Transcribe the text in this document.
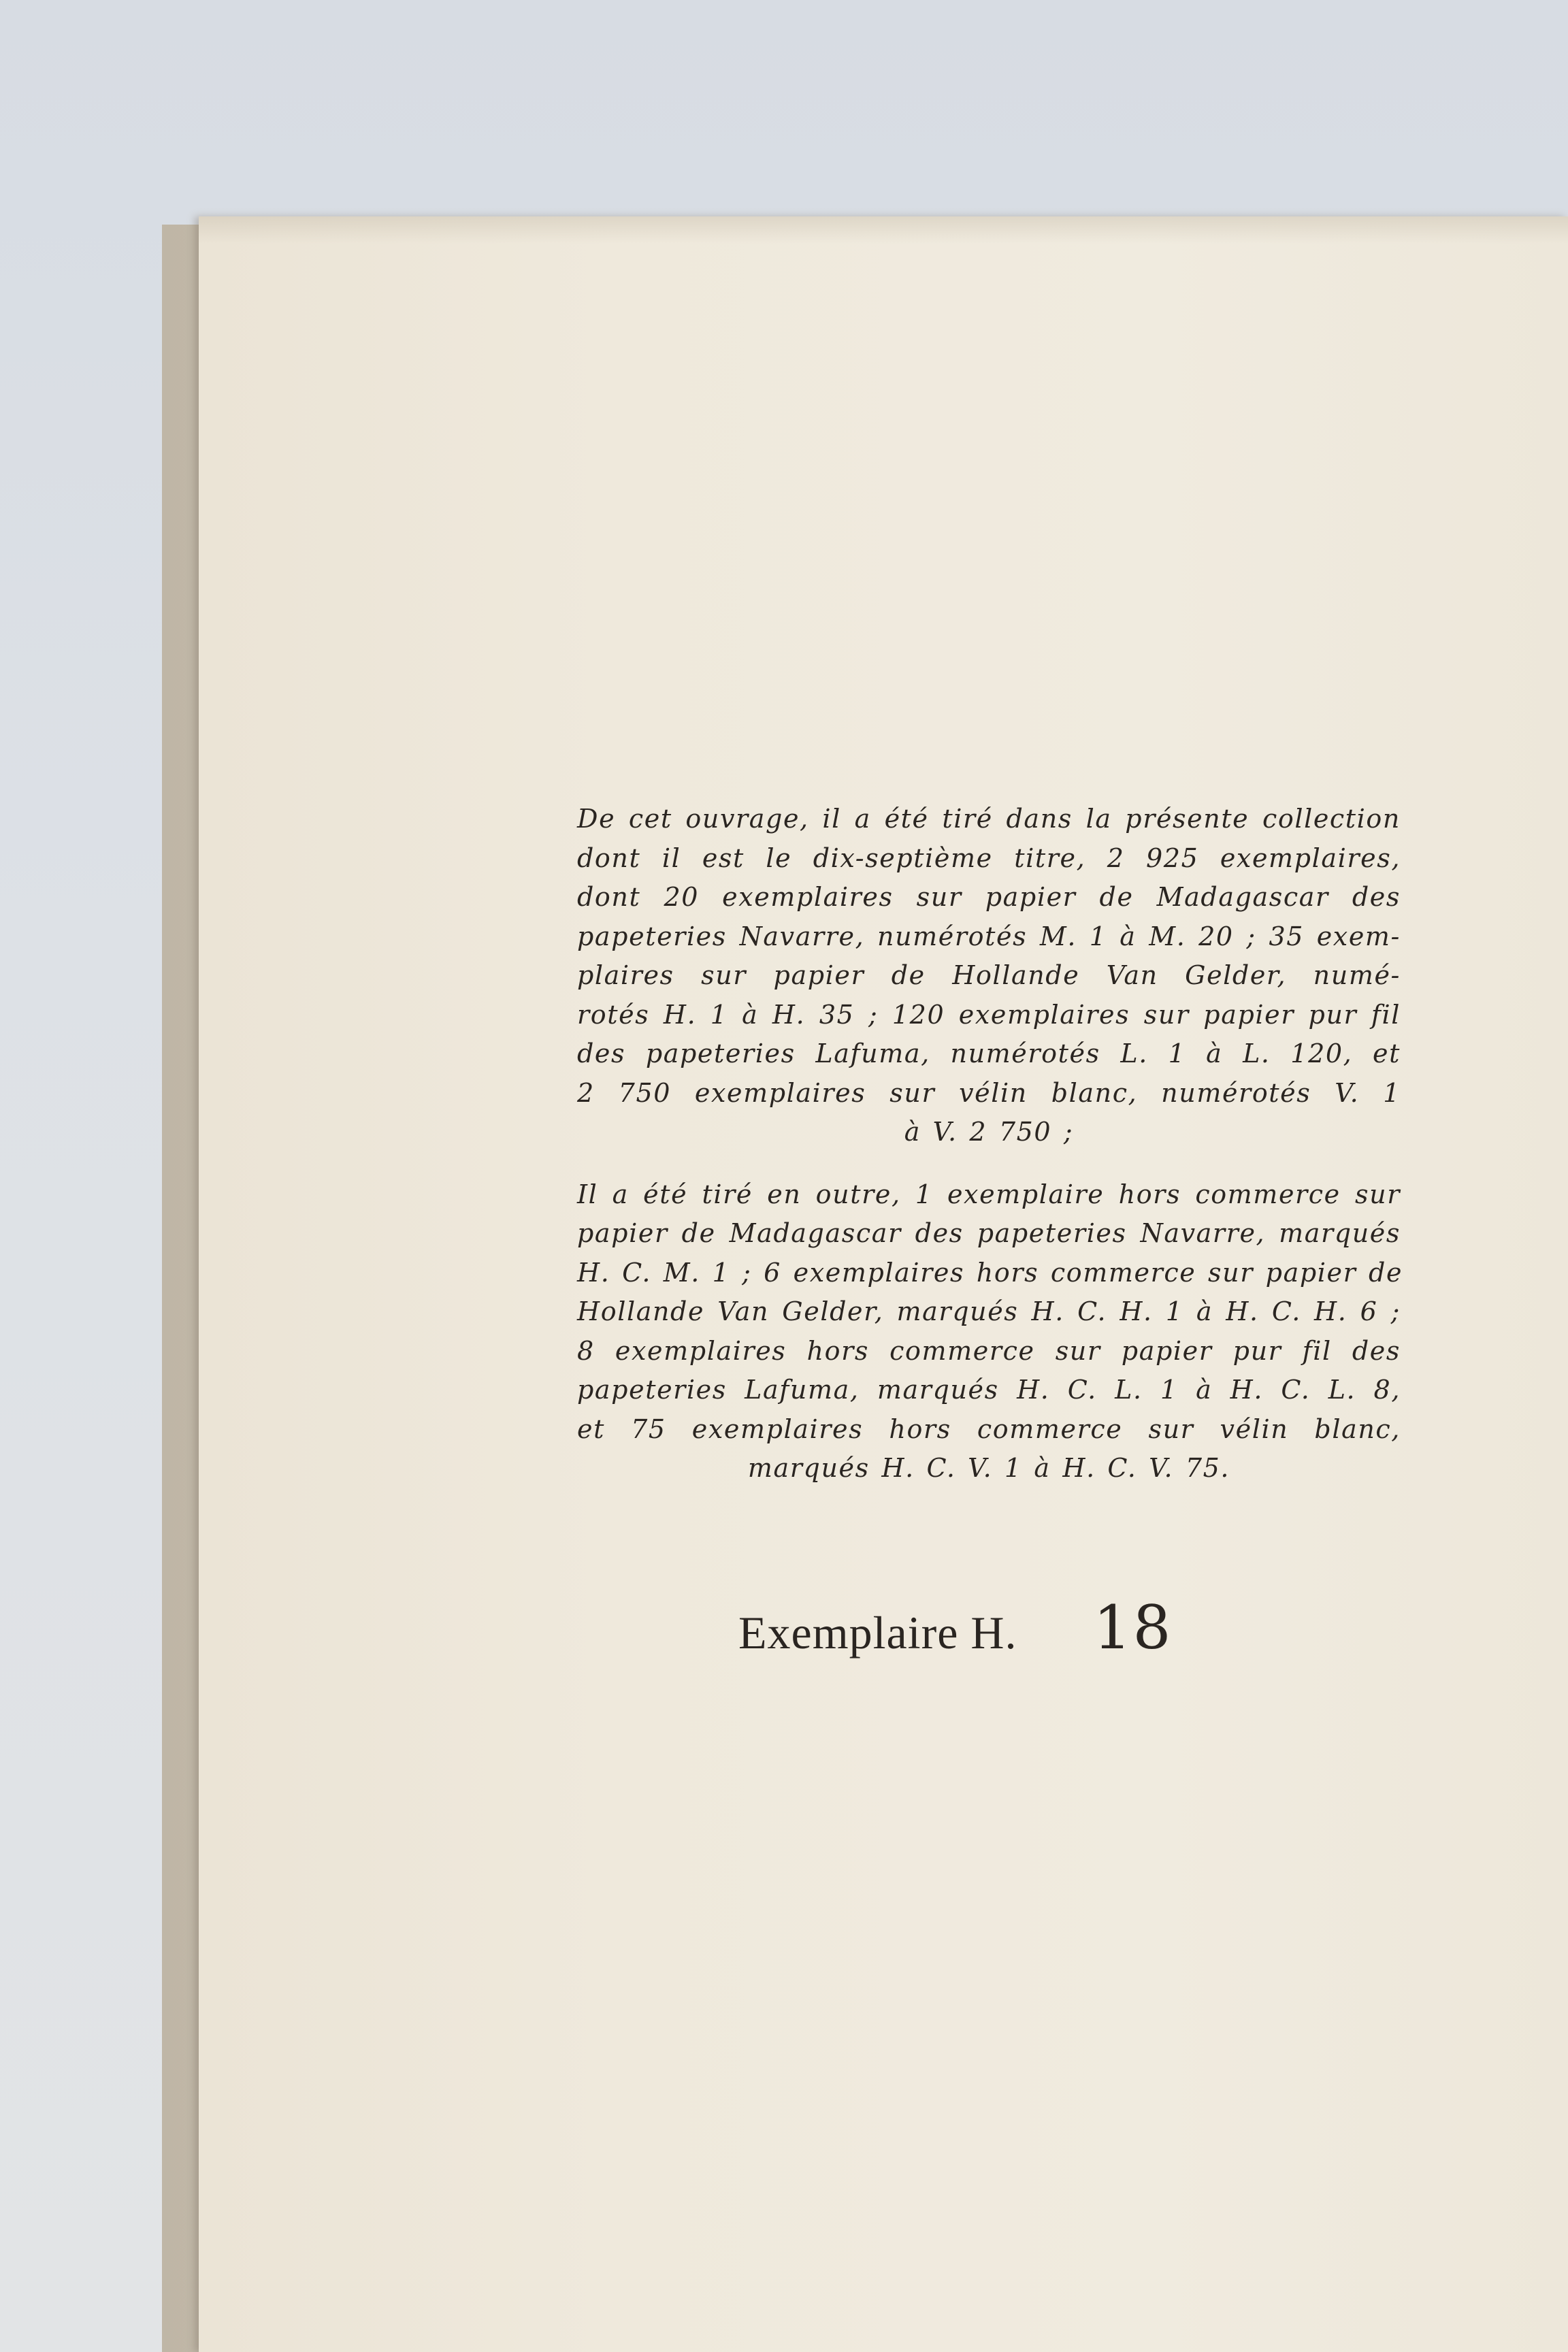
De cet ouvrage, il a été tiré dans la présente collection
dont il est le dix-septième titre, 2 925 exemplaires,
dont 20 exemplaires sur papier de Madagascar des
papeteries Navarre, numérotés M. 1 à M. 20 ; 35 exem-
plaires sur papier de Hollande Van Gelder, numé-
rotés H. 1 à H. 35 ; 120 exemplaires sur papier pur fil
des papeteries Lafuma, numérotés L. 1 à L. 120, et
2 750 exemplaires sur vélin blanc, numérotés V. 1
à V. 2 750 ;

Il a été tiré en outre, 1 exemplaire hors commerce sur
papier de Madagascar des papeteries Navarre, marqués
H. C. M. 1 ; 6 exemplaires hors commerce sur papier de
Hollande Van Gelder, marqués H. C. H. 1 à H. C. H. 6 ;
8 exemplaires hors commerce sur papier pur fil des
papeteries Lafuma, marqués H. C. L. 1 à H. C. L. 8,
et 75 exemplaires hors commerce sur vélin blanc,
marqués H. C. V. 1 à H. C. V. 75.

Exemplaire H. 18
